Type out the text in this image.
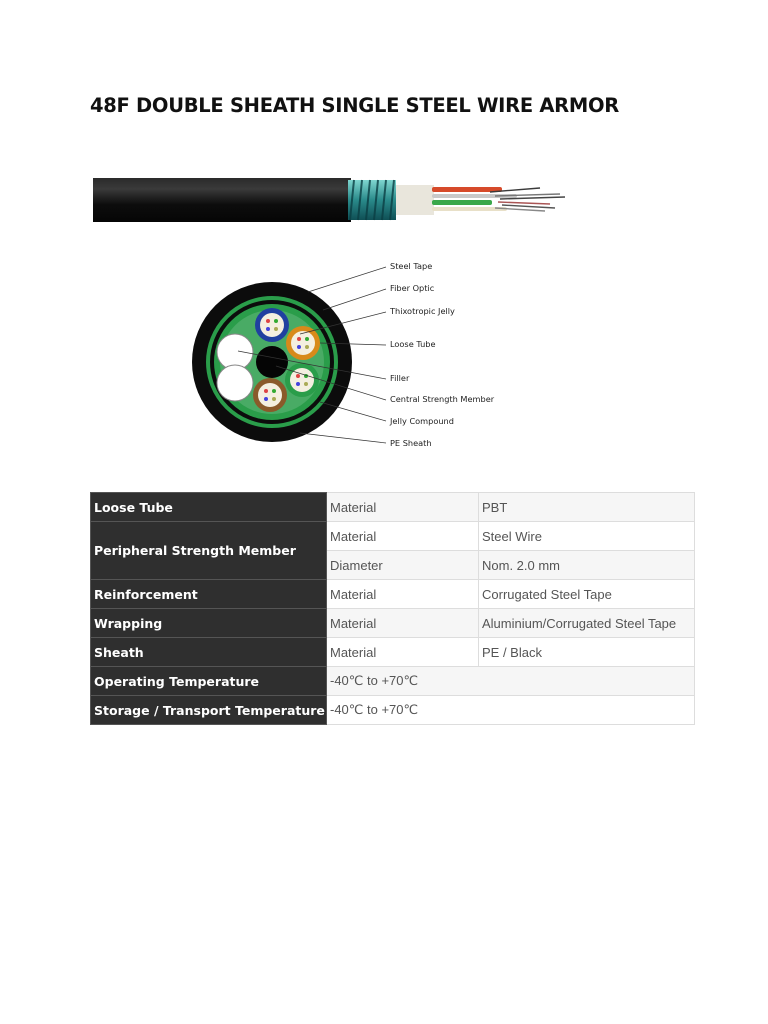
48F DOUBLE SHEATH SINGLE STEEL WIRE ARMOR
Steel Tape
Fiber Optic
Thixotropic Jelly
Loose Tube
Filler
Central Strength Member
Jelly Compound
PE Sheath
Loose Tube	Material	PBT
Peripheral Strength Member	Material	Steel Wire
	Diameter	Nom. 2.0 mm
Reinforcement	Material	Corrugated Steel Tape
Wrapping	Material	Aluminium/Corrugated Steel Tape
Sheath	Material	PE / Black
Operating Temperature	-40℃ to +70℃	
Storage / Transport Temperature	-40℃ to +70℃	
